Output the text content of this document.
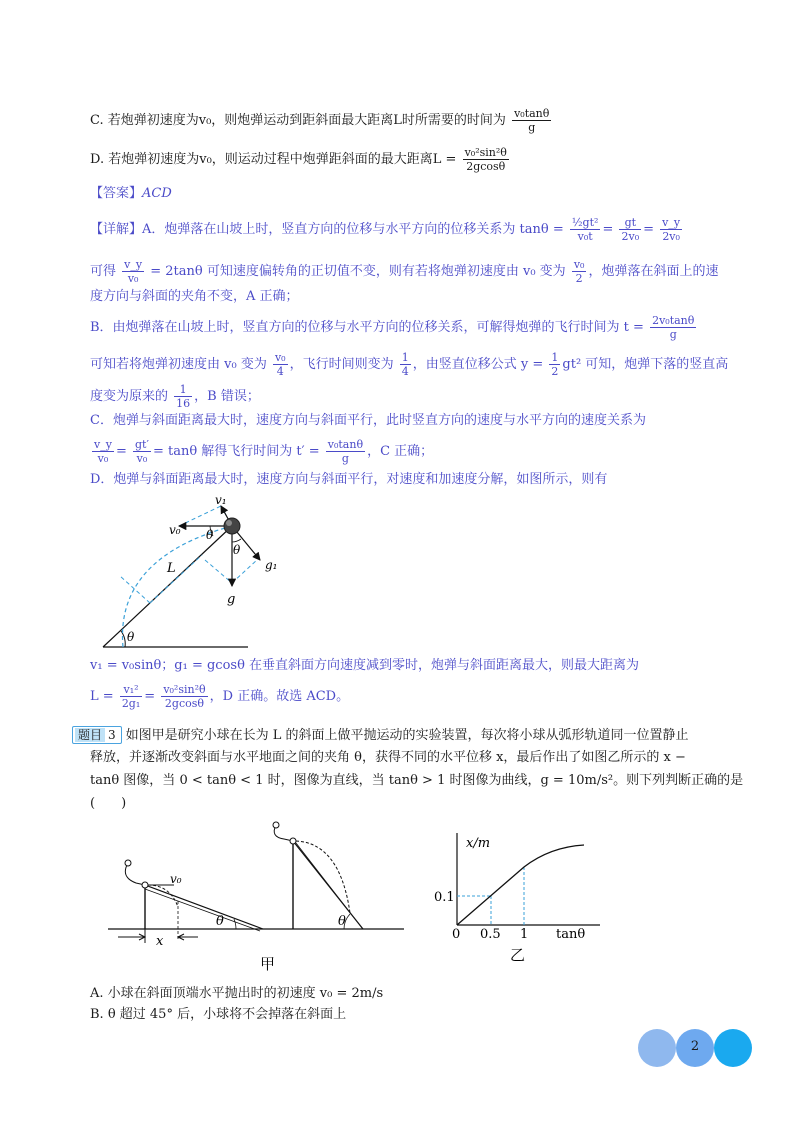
C. 若炮弹初速度为v₀，则炮弹运动到距斜面最大距离L时所需要的时间为 $\frac{\text{v₀tanθ}}{g}$
D. 若炮弹初速度为v₀，则运动过程中炮弹距斜面的最大距离$L = \frac{\text{v₀²sin²θ}}{2gcos\theta}$
【答案】ACD
【详解】A．炮弹落在山坡上时，竖直方向的位移与水平方向的位移关系为 $\tan\theta = \frac{\text{½gt²}}{\text{v₀t}} = \frac{gt}{\text{2v₀}} = \frac{v\_y}{\text{2v₀}}$
可得 $\frac{v\_y}{\text{v₀}} = 2\tan\theta$ 可知速度偏转角的正切值不变，则有若将炮弹初速度由 v₀ 变为 $\frac{\text{v₀}}{2}$ ，炮弹落在斜面上的速
度方向与斜面的夹角不变，A 正确；
B．由炮弹落在山坡上时，竖直方向的位移与水平方向的位移关系，可解得炮弹的飞行时间为 $t = \frac{\text{2v₀tanθ}}{g}$
可知若将炮弹初速度由 v₀ 变为 $\frac{\text{v₀}}{4}$ ，飞行时间则变为 $\frac{1}{4}$ ，由竖直位移公式 $y = \frac{1}{2} gt^2$ 可知，炮弹下落的竖直高
度变为原来的 $\frac{1}{16}$ ，B 错误；
C．炮弹与斜面距离最大时，速度方向与斜面平行，此时竖直方向的速度与水平方向的速度关系为
$\frac{v\_y}{\text{v₀}} = \frac{gt'}{\text{v₀}} = \tan\theta$ 解得飞行时间为 $t' = \frac{\text{v₀tanθ}}{g}$ ，C 正确；
D．炮弹与斜面距离最大时，速度方向与斜面平行，对速度和加速度分解，如图所示，则有
v₁
v₀ θ
θ
L
g
g₁
θ
v₁ = v₀sinθ；g₁ = gcosθ 在垂直斜面方向速度减到零时，炮弹与斜面距离最大，则最大距离为
$L = \frac{\text{v₁²}}{\text{2g₁}} = \frac{\text{v₀²sin²θ}}{2gcos\theta}$ ，D 正确。故选 ACD。
题目 3 如图甲是研究小球在长为 L 的斜面上做平抛运动的实验装置，每次将小球从弧形轨道同一位置静止
释放，并逐渐改变斜面与水平地面之间的夹角 θ，获得不同的水平位移 x，最后作出了如图乙所示的 x −
tanθ 图像，当 0 < tanθ < 1 时，图像为直线，当 tanθ > 1 时图像为曲线，g = 10m/s²。则下列判断正确的是
(　　)
v₀
x
θ	θ
甲
x/m
tanθ
0.1
0 0.5 1
乙
A. 小球在斜面顶端水平抛出时的初速度 v₀ = 2m/s
B. θ 超过 45° 后，小球将不会掉落在斜面上
2
